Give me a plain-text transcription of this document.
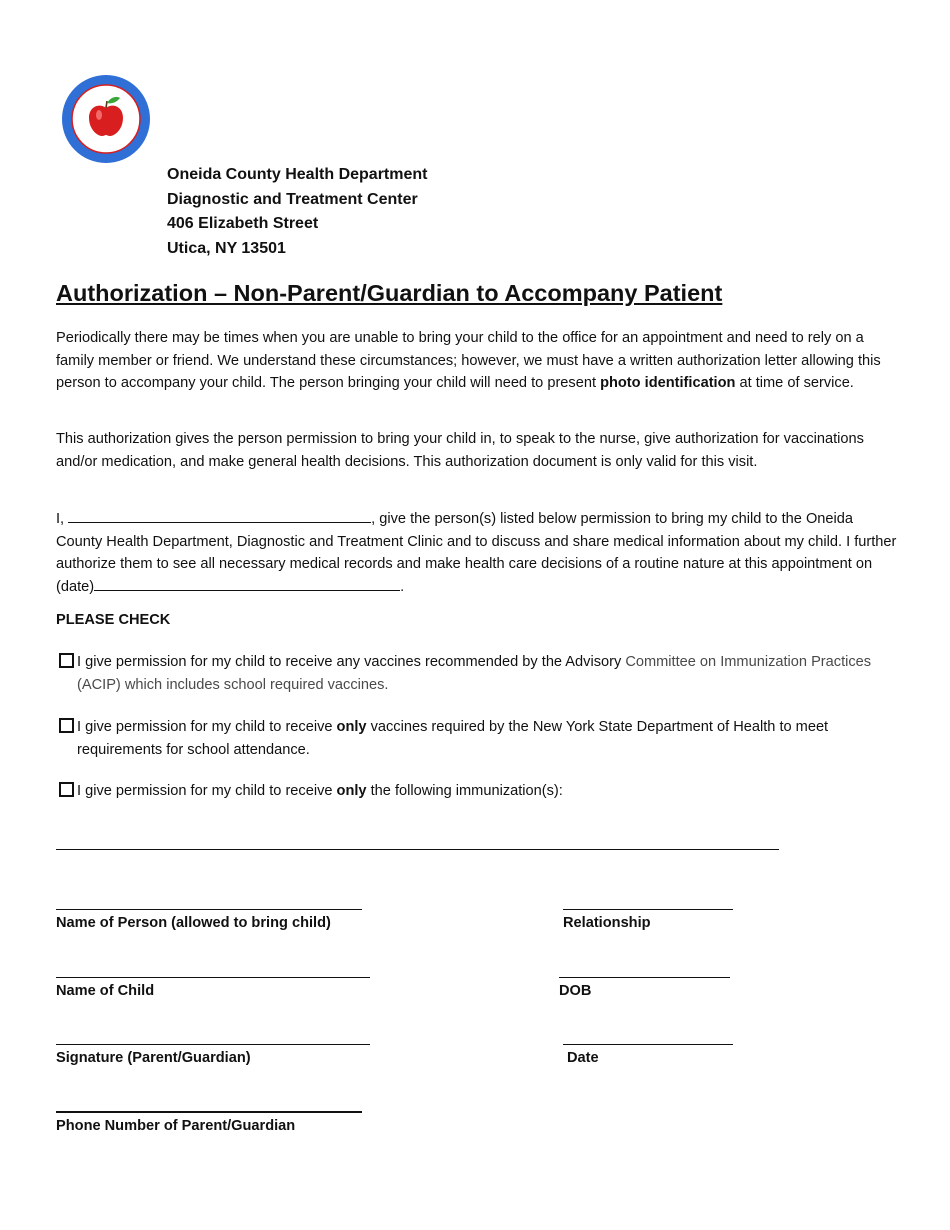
ONEIDA COUNTY
HEALTH DEPARTMENT
Oneida County Health Department
Diagnostic and Treatment Center
406 Elizabeth Street
Utica, NY 13501
Authorization – Non-Parent/Guardian to Accompany Patient
Periodically there may be times when you are unable to bring your child to the office for an appointment and need to rely on a family member or friend. We understand these circumstances; however, we must have a written authorization letter allowing this person to accompany your child. The person bringing your child will need to present photo identification at time of service.
This authorization gives the person permission to bring your child in, to speak to the nurse, give authorization for vaccinations and/or medication, and make general health decisions. This authorization document is only valid for this visit.
I,	, give the person(s) listed below permission to bring my child to the Oneida County Health Department, Diagnostic and Treatment Clinic and to discuss and share medical information about my child. I further authorize them to see all necessary medical records and make health care decisions of a routine nature at this appointment on (date)	.
PLEASE CHECK
I give permission for my child to receive any vaccines recommended by the Advisory Committee on Immunization Practices (ACIP) which includes school required vaccines.
I give permission for my child to receive only vaccines required by the New York State Department of Health to meet requirements for school attendance.
I give permission for my child to receive only the following immunization(s):
Name of Person (allowed to bring child)	Relationship
Name of Child	DOB
Signature (Parent/Guardian)	Date
Phone Number of Parent/Guardian
